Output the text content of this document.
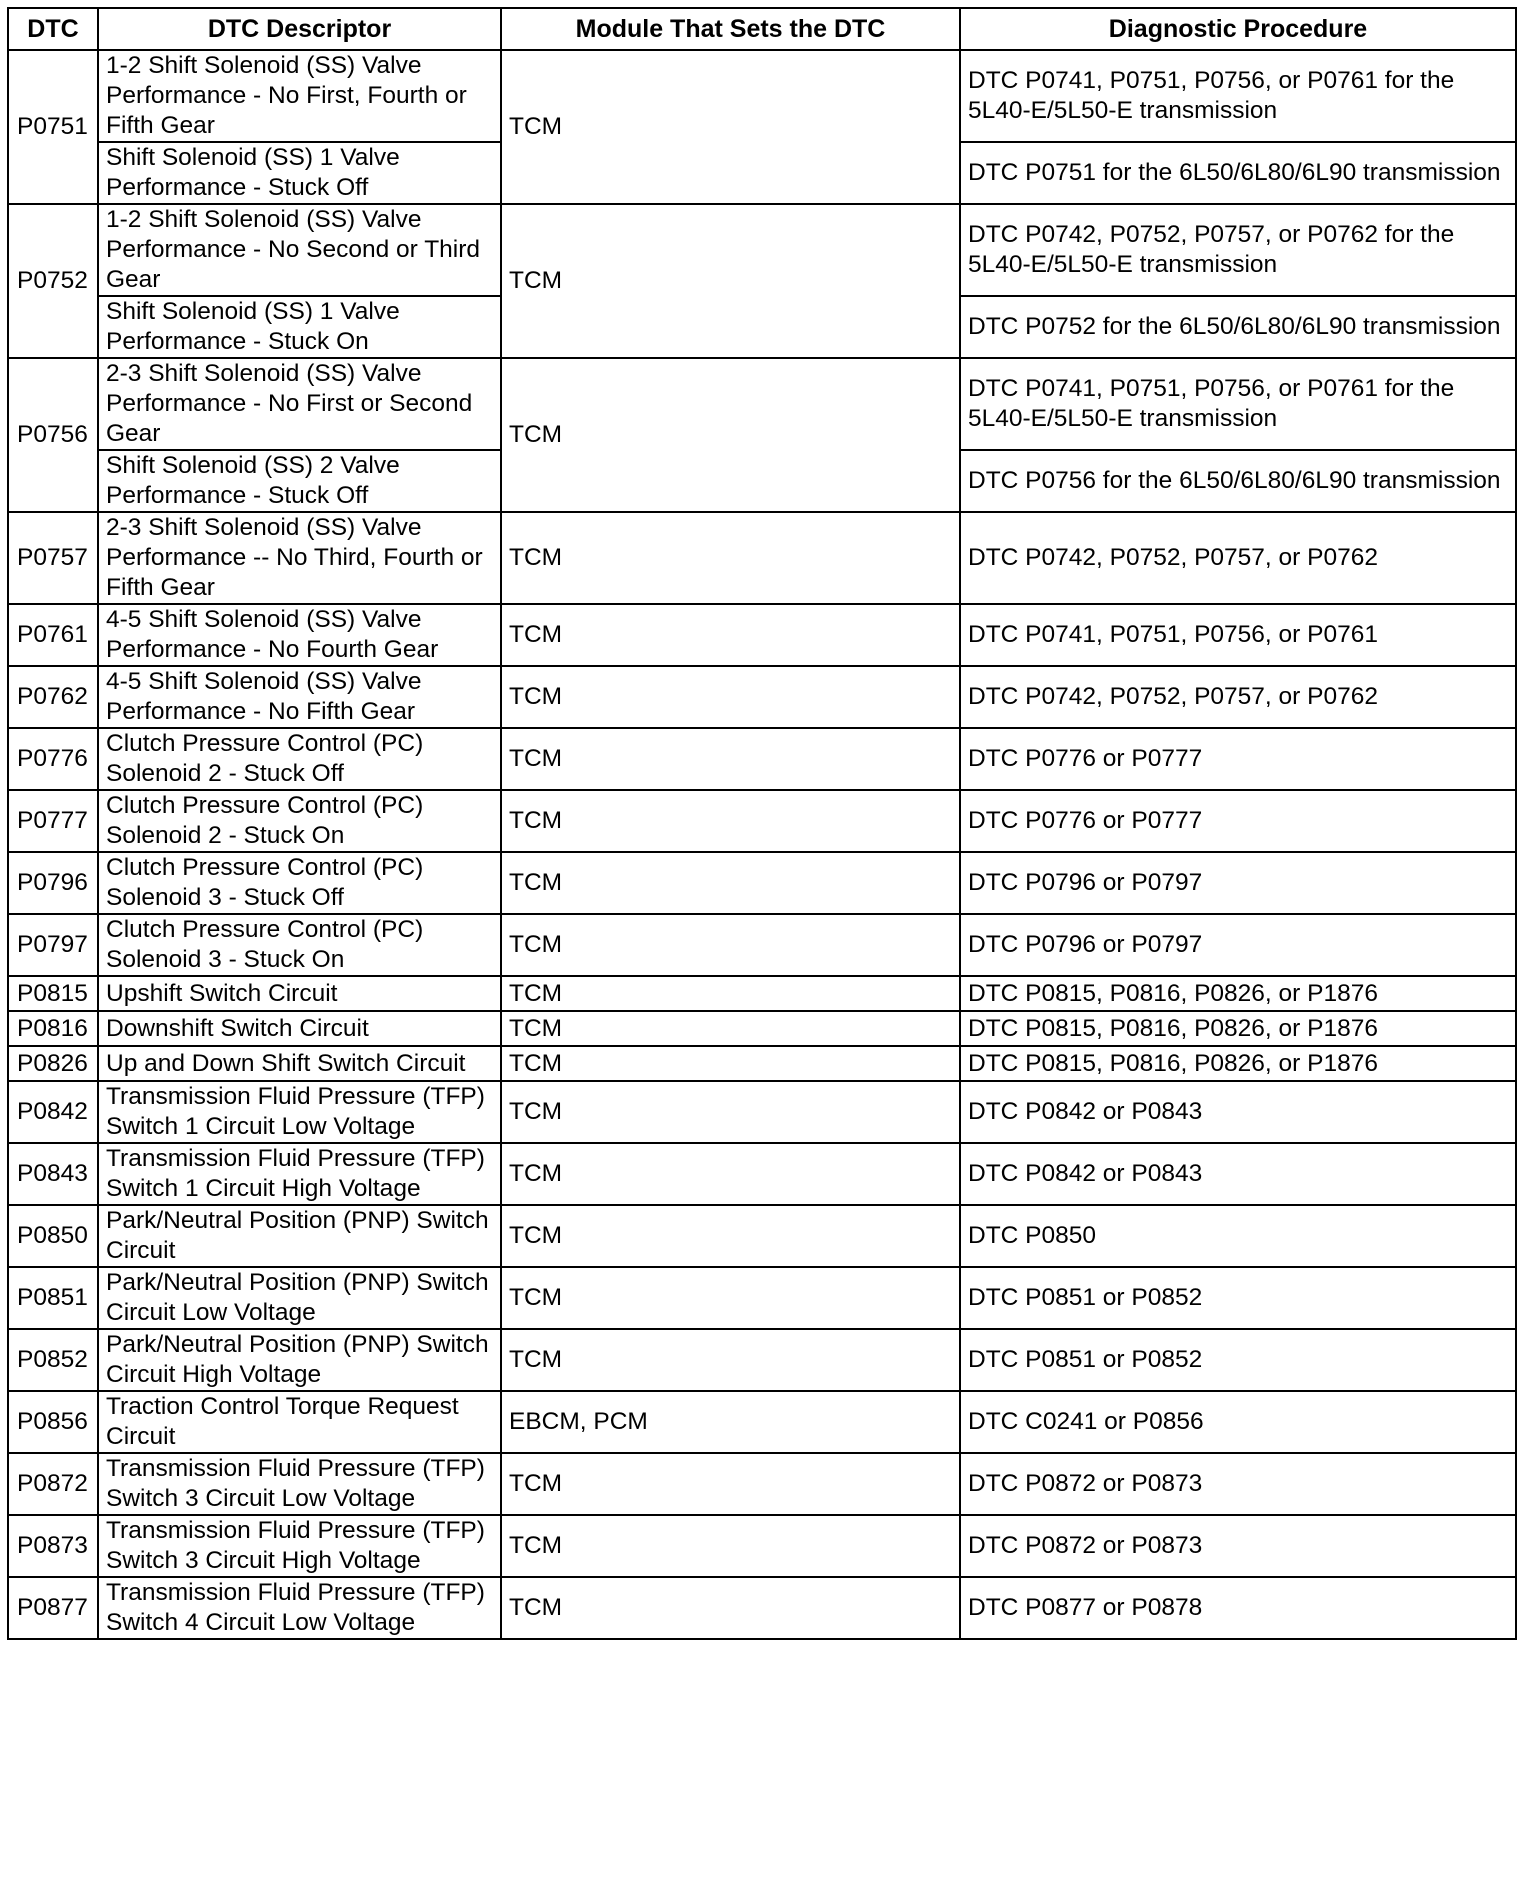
DTC	DTC Descriptor	Module That Sets the DTC	Diagnostic Procedure
P0751	1-2 Shift Solenoid (SS) Valve Performance - No First, Fourth or Fifth Gear	TCM	DTC P0741, P0751, P0756, or P0761 for the 5L40-E/5L50-E transmission
	Shift Solenoid (SS) 1 Valve Performance - Stuck Off		DTC P0751 for the 6L50/6L80/6L90 transmission
P0752	1-2 Shift Solenoid (SS) Valve Performance - No Second or Third Gear	TCM	DTC P0742, P0752, P0757, or P0762 for the 5L40-E/5L50-E transmission
	Shift Solenoid (SS) 1 Valve Performance - Stuck On		DTC P0752 for the 6L50/6L80/6L90 transmission
P0756	2-3 Shift Solenoid (SS) Valve Performance - No First or Second Gear	TCM	DTC P0741, P0751, P0756, or P0761 for the 5L40-E/5L50-E transmission
	Shift Solenoid (SS) 2 Valve Performance - Stuck Off		DTC P0756 for the 6L50/6L80/6L90 transmission
P0757	2-3 Shift Solenoid (SS) Valve Performance -- No Third, Fourth or Fifth Gear	TCM	DTC P0742, P0752, P0757, or P0762
P0761	4-5 Shift Solenoid (SS) Valve Performance - No Fourth Gear	TCM	DTC P0741, P0751, P0756, or P0761
P0762	4-5 Shift Solenoid (SS) Valve Performance - No Fifth Gear	TCM	DTC P0742, P0752, P0757, or P0762
P0776	Clutch Pressure Control (PC) Solenoid 2 - Stuck Off	TCM	DTC P0776 or P0777
P0777	Clutch Pressure Control (PC) Solenoid 2 - Stuck On	TCM	DTC P0776 or P0777
P0796	Clutch Pressure Control (PC) Solenoid 3 - Stuck Off	TCM	DTC P0796 or P0797
P0797	Clutch Pressure Control (PC) Solenoid 3 - Stuck On	TCM	DTC P0796 or P0797
P0815	Upshift Switch Circuit	TCM	DTC P0815, P0816, P0826, or P1876
P0816	Downshift Switch Circuit	TCM	DTC P0815, P0816, P0826, or P1876
P0826	Up and Down Shift Switch Circuit	TCM	DTC P0815, P0816, P0826, or P1876
P0842	Transmission Fluid Pressure (TFP) Switch 1 Circuit Low Voltage	TCM	DTC P0842 or P0843
P0843	Transmission Fluid Pressure (TFP) Switch 1 Circuit High Voltage	TCM	DTC P0842 or P0843
P0850	Park/Neutral Position (PNP) Switch Circuit	TCM	DTC P0850
P0851	Park/Neutral Position (PNP) Switch Circuit Low Voltage	TCM	DTC P0851 or P0852
P0852	Park/Neutral Position (PNP) Switch Circuit High Voltage	TCM	DTC P0851 or P0852
P0856	Traction Control Torque Request Circuit	EBCM, PCM	DTC C0241 or P0856
P0872	Transmission Fluid Pressure (TFP) Switch 3 Circuit Low Voltage	TCM	DTC P0872 or P0873
P0873	Transmission Fluid Pressure (TFP) Switch 3 Circuit High Voltage	TCM	DTC P0872 or P0873
P0877	Transmission Fluid Pressure (TFP) Switch 4 Circuit Low Voltage	TCM	DTC P0877 or P0878
